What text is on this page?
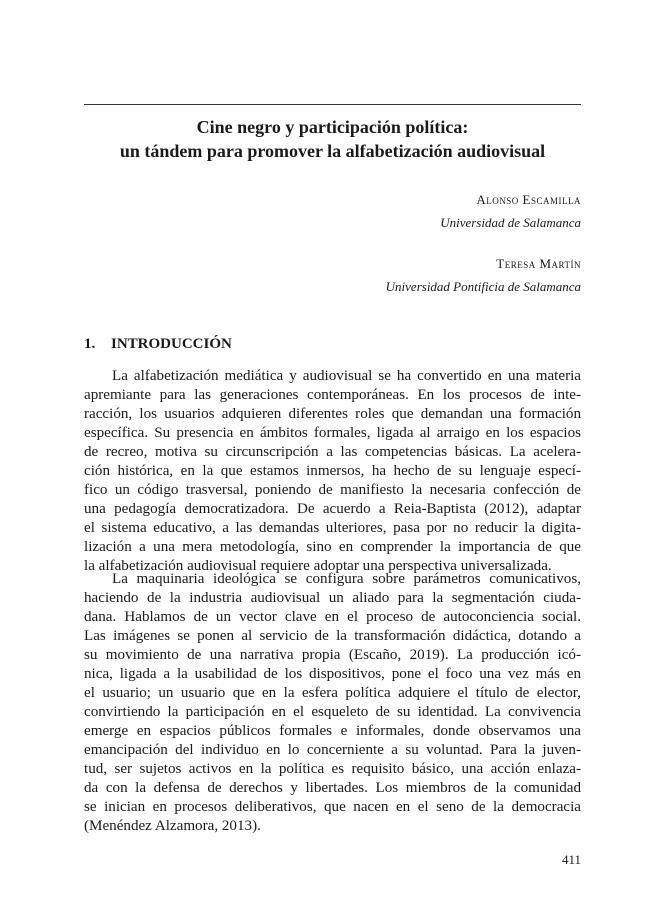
Cine negro y participación política:
un tándem para promover la alfabetización audiovisual
Alonso Escamilla
Universidad de Salamanca
Teresa Martín
Universidad Pontificia de Salamanca
1. INTRODUCCIÓN
La alfabetización mediática y audiovisual se ha convertido en una materia
apremiante para las generaciones contemporáneas. En los procesos de inte-
racción, los usuarios adquieren diferentes roles que demandan una formación
específica. Su presencia en ámbitos formales, ligada al arraigo en los espacios
de recreo, motiva su circunscripción a las competencias básicas. La acelera-
ción histórica, en la que estamos inmersos, ha hecho de su lenguaje especí-
fico un código trasversal, poniendo de manifiesto la necesaria confección de
una pedagogía democratizadora. De acuerdo a Reia-Baptista (2012), adaptar
el sistema educativo, a las demandas ulteriores, pasa por no reducir la digita-
lización a una mera metodología, sino en comprender la importancia de que
la alfabetización audiovisual requiere adoptar una perspectiva universalizada.
La maquinaria ideológica se configura sobre parámetros comunicativos,
haciendo de la industria audiovisual un aliado para la segmentación ciuda-
dana. Hablamos de un vector clave en el proceso de autoconciencia social.
Las imágenes se ponen al servicio de la transformación didáctica, dotando a
su movimiento de una narrativa propia (Escaño, 2019). La producción icó-
nica, ligada a la usabilidad de los dispositivos, pone el foco una vez más en
el usuario; un usuario que en la esfera política adquiere el título de elector,
convirtiendo la participación en el esqueleto de su identidad. La convivencia
emerge en espacios públicos formales e informales, donde observamos una
emancipación del individuo en lo concerniente a su voluntad. Para la juven-
tud, ser sujetos activos en la política es requisito básico, una acción enlaza-
da con la defensa de derechos y libertades. Los miembros de la comunidad
se inician en procesos deliberativos, que nacen en el seno de la democracia
(Menéndez Alzamora, 2013).
411
